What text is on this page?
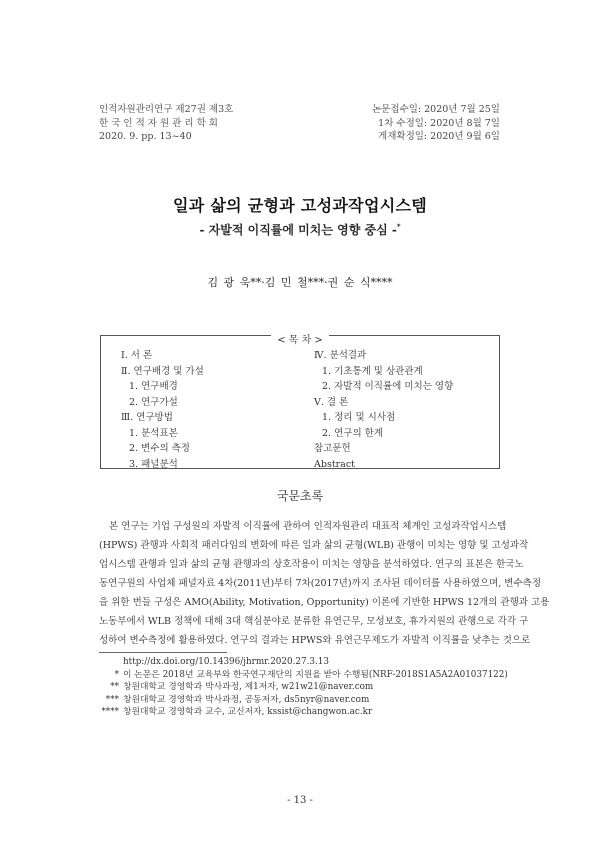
인적자원관리연구 제27권 제3호
한 국 인 적 자 원 관 리 학 회
2020. 9. pp. 13~40
논문접수일: 2020년 7월 25일
1차 수정일: 2020년 8월 7일
게재확정일: 2020년 9월 6일
일과 삶의 균형과 고성과작업시스템
- 자발적 이직률에 미치는 영향 중심 -*
김 광 욱**·김 민 철***·권 순 식****
< 목 차 >
Ⅰ. 서 론
Ⅱ. 연구배경 및 가설
1. 연구배경
2. 연구가설
Ⅲ. 연구방법
1. 분석표본
2. 변수의 측정
3. 패널분석
Ⅳ. 분석결과
1. 기초통계 및 상관관계
2. 자발적 이직률에 미치는 영향
Ⅴ. 결 론
1. 정리 및 시사점
2. 연구의 한계
참고문헌
Abstract
국문초록
본 연구는 기업 구성원의 자발적 이직률에 관하여 인적자원관리 대표적 체계인 고성과작업시스템
(HPWS) 관행과 사회적 패러다임의 변화에 따른 일과 삶의 균형(WLB) 관행이 미치는 영향 및 고성과작
업시스템 관행과 일과 삶의 균형 관행과의 상호작용이 미치는 영향을 분석하였다. 연구의 표본은 한국노
동연구원의 사업체 패널자료 4차(2011년)부터 7차(2017년)까지 조사된 데이터를 사용하였으며, 변수측정
을 위한 번들 구성은 AMO(Ability, Motivation, Opportunity) 이론에 기반한 HPWS 12개의 관행과 고용
노동부에서 WLB 정책에 대해 3대 핵심분야로 분류한 유연근무, 모성보호, 휴가지원의 관행으로 각각 구
성하여 변수측정에 활용하였다. 연구의 결과는 HPWS와 유연근무제도가 자발적 이직률을 낮추는 것으로
http://dx.doi.org/10.14396/jhrmr.2020.27.3.13
* 이 논문은 2018년 교육부와 한국연구재단의 지원을 받아 수행됨(NRF-2018S1A5A2A01037122)
** 창원대학교 경영학과 박사과정, 제1저자, w21w21@naver.com
*** 창원대학교 경영학과 박사과정, 공동저자, ds5nyr@naver.com
**** 창원대학교 경영학과 교수, 교신저자, kssist@changwon.ac.kr
- 13 -
